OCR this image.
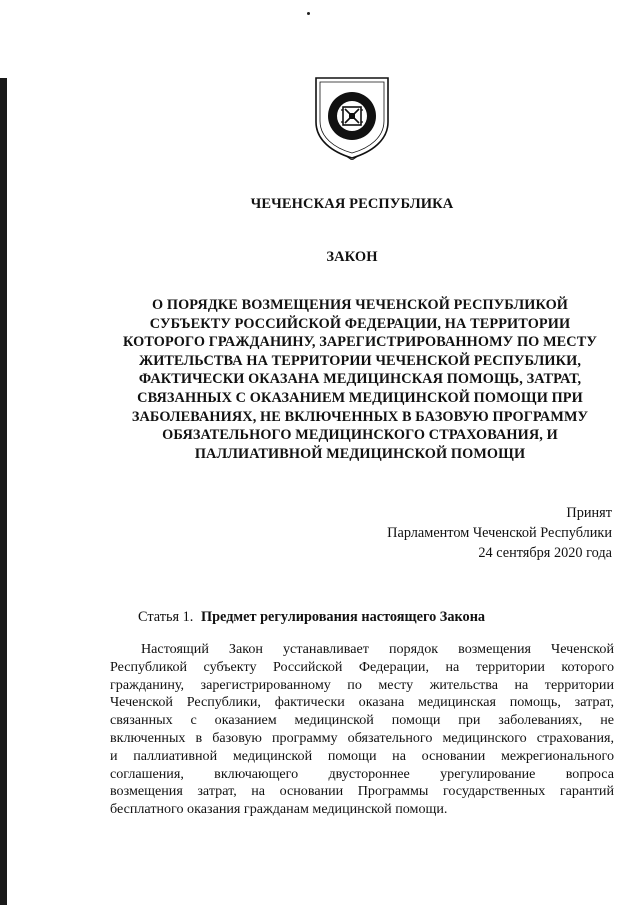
ЧЕЧЕНСКАЯ РЕСПУБЛИКА
ЗАКОН
О ПОРЯДКЕ ВОЗМЕЩЕНИЯ ЧЕЧЕНСКОЙ РЕСПУБЛИКОЙ
СУБЪЕКТУ РОССИЙСКОЙ ФЕДЕРАЦИИ, НА ТЕРРИТОРИИ
КОТОРОГО ГРАЖДАНИНУ, ЗАРЕГИСТРИРОВАННОМУ ПО МЕСТУ
ЖИТЕЛЬСТВА НА ТЕРРИТОРИИ ЧЕЧЕНСКОЙ РЕСПУБЛИКИ,
ФАКТИЧЕСКИ ОКАЗАНА МЕДИЦИНСКАЯ ПОМОЩЬ, ЗАТРАТ,
СВЯЗАННЫХ С ОКАЗАНИЕМ МЕДИЦИНСКОЙ ПОМОЩИ ПРИ
ЗАБОЛЕВАНИЯХ, НЕ ВКЛЮЧЕННЫХ В БАЗОВУЮ ПРОГРАММУ
ОБЯЗАТЕЛЬНОГО МЕДИЦИНСКОГО СТРАХОВАНИЯ, И
ПАЛЛИАТИВНОЙ МЕДИЦИНСКОЙ ПОМОЩИ
Принят
Парламентом Чеченской Республики
24 сентября 2020 года
Статья 1. Предмет регулирования настоящего Закона
Настоящий Закон устанавливает порядок возмещения Чеченской
Республикой субъекту Российской Федерации, на территории которого
гражданину, зарегистрированному по месту жительства на территории
Чеченской Республики, фактически оказана медицинская помощь, затрат,
связанных с оказанием медицинской помощи при заболеваниях, не
включенных в базовую программу обязательного медицинского страхования,
и паллиативной медицинской помощи на основании межрегионального
соглашения, включающего двустороннее урегулирование вопроса
возмещения затрат, на основании Программы государственных гарантий
бесплатного оказания гражданам медицинской помощи.
